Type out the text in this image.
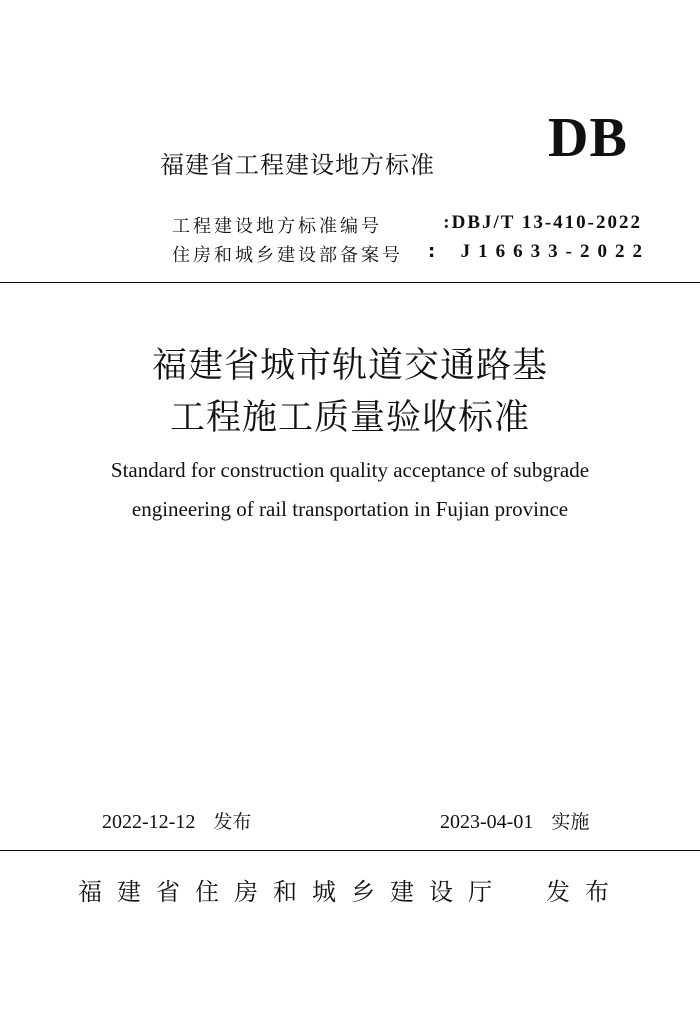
福建省工程建设地方标准 DB
工程建设地方标准编号	:DBJ/T 13-410-2022
住房和城乡建设部备案号 : J16633-2022
福建省城市轨道交通路基
工程施工质量验收标准
Standard for construction quality acceptance of subgrade
engineering of rail transportation in Fujian province
2022-12-12 发布	2023-04-01 实施
福建省住房和城乡建设厅 发布
